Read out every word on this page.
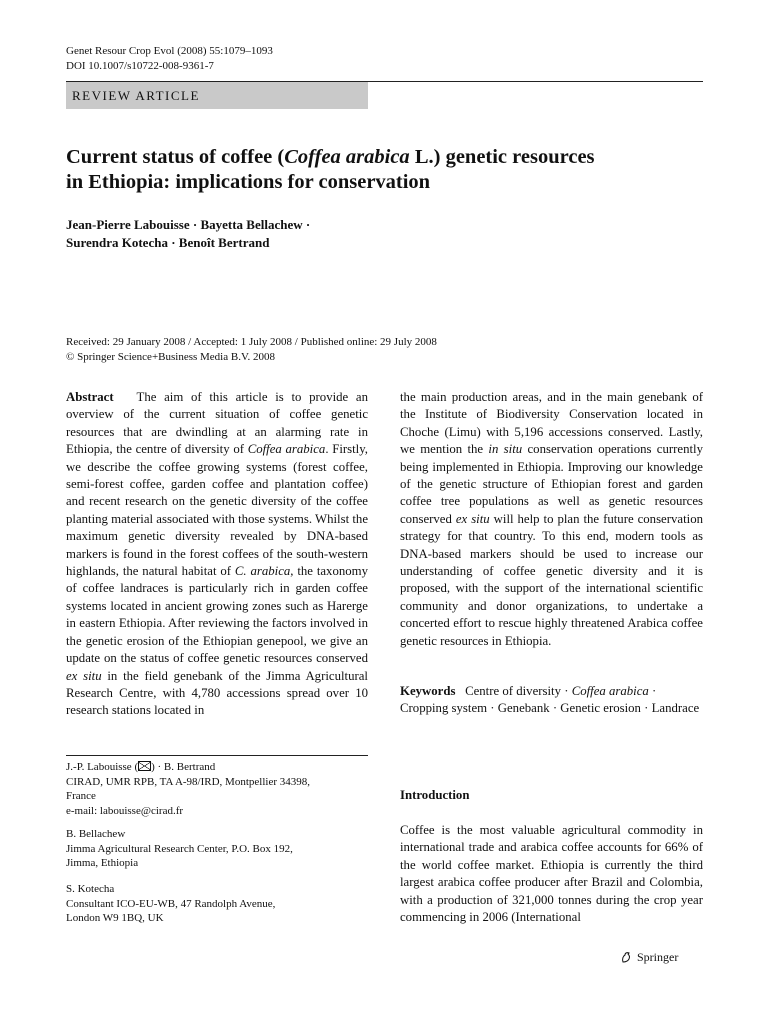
Genet Resour Crop Evol (2008) 55:1079–1093
DOI 10.1007/s10722-008-9361-7
REVIEW ARTICLE
Current status of coffee (Coffea arabica L.) genetic resources
in Ethiopia: implications for conservation
Jean-Pierre Labouisse · Bayetta Bellachew ·
Surendra Kotecha · Benoît Bertrand
Received: 29 January 2008 / Accepted: 1 July 2008 / Published online: 29 July 2008
© Springer Science+Business Media B.V. 2008
Abstract The aim of this article is to provide an overview of the current situation of coffee genetic resources that are dwindling at an alarming rate in Ethiopia, the centre of diversity of Coffea arabica. Firstly, we describe the coffee growing systems (forest coffee, semi-forest coffee, garden coffee and plantation coffee) and recent research on the genetic diversity of the coffee planting material associated with those systems. Whilst the maximum genetic diversity revealed by DNA-based markers is found in the forest coffees of the south-western highlands, the natural habitat of C. arabica, the taxonomy of coffee landraces is particularly rich in garden coffee systems located in ancient growing zones such as Harerge in eastern Ethiopia. After reviewing the factors involved in the genetic erosion of the Ethiopian genepool, we give an update on the status of coffee genetic resources conserved ex situ in the field genebank of the Jimma Agricultural Research Centre, with 4,780 accessions spread over 10 research stations located in
the main production areas, and in the main genebank of the Institute of Biodiversity Conservation located in Choche (Limu) with 5,196 accessions conserved. Lastly, we mention the in situ conservation operations currently being implemented in Ethiopia. Improving our knowledge of the genetic structure of Ethiopian forest and garden coffee tree populations as well as genetic resources conserved ex situ will help to plan the future conservation strategy for that country. To this end, modern tools as DNA-based markers should be used to increase our understanding of coffee genetic diversity and it is proposed, with the support of the international scientific community and donor organizations, to undertake a concerted effort to rescue highly threatened Arabica coffee genetic resources in Ethiopia.
Keywords Centre of diversity · Coffea arabica · Cropping system · Genebank · Genetic erosion · Landrace
J.-P. Labouisse ( ) · B. Bertrand
CIRAD, UMR RPB, TA A-98/IRD, Montpellier 34398,
France
e-mail: labouisse@cirad.fr
B. Bellachew
Jimma Agricultural Research Center, P.O. Box 192,
Jimma, Ethiopia
S. Kotecha
Consultant ICO-EU-WB, 47 Randolph Avenue,
London W9 1BQ, UK
Introduction
Coffee is the most valuable agricultural commodity in international trade and arabica coffee accounts for 66% of the world coffee market. Ethiopia is currently the third largest arabica coffee producer after Brazil and Colombia, with a production of 321,000 tonnes during the crop year commencing in 2006 (International
Springer
